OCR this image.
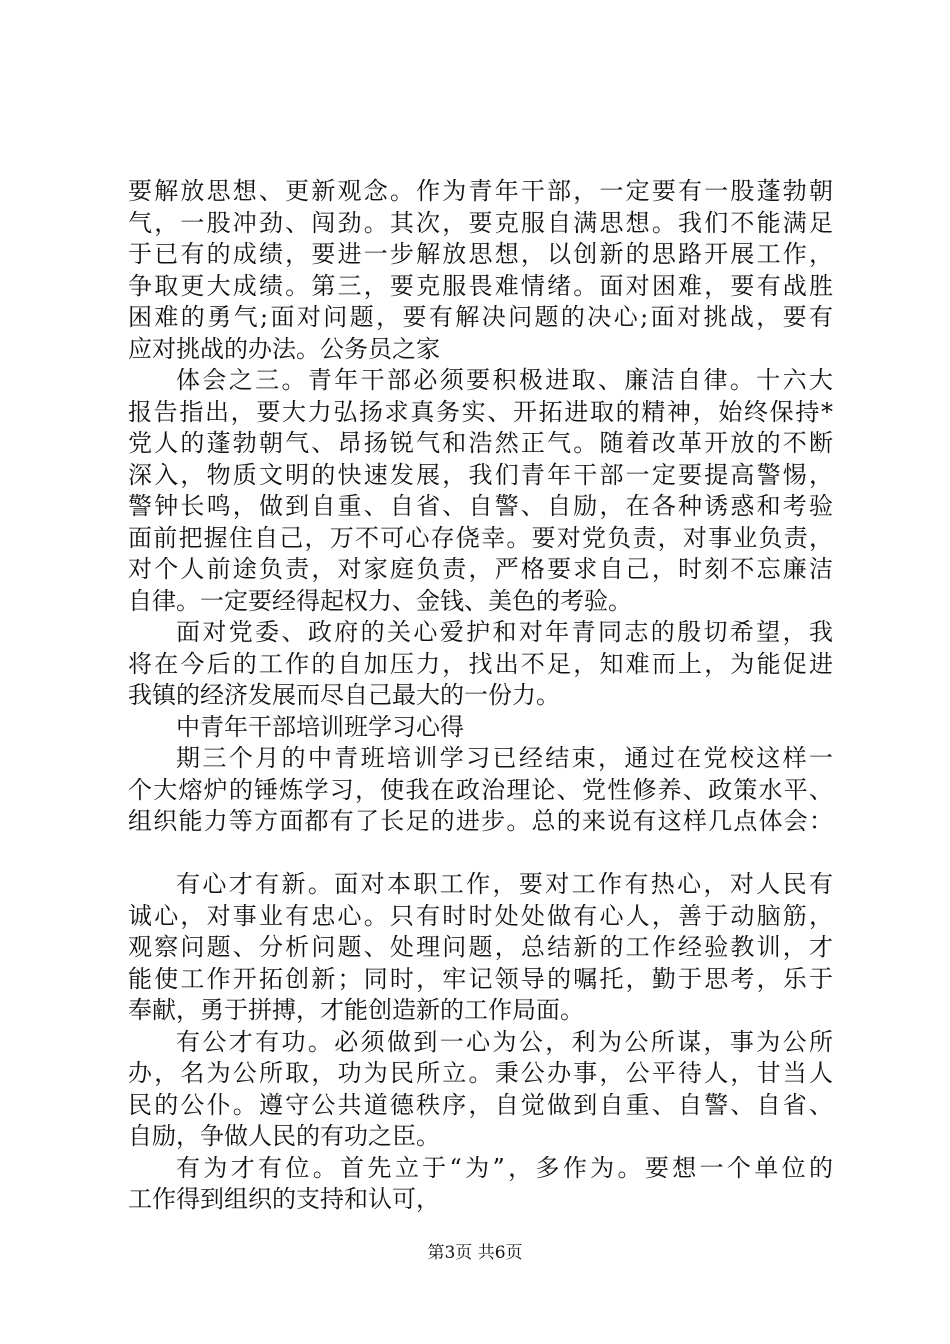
要解放思想、更新观念。作为青年干部，一定要有一股蓬勃朝
气，一股冲劲、闯劲。其次，要克服自满思想。我们不能满足
于已有的成绩，要进一步解放思想，以创新的思路开展工作，
争取更大成绩。第三，要克服畏难情绪。面对困难，要有战胜
困难的勇气;面对问题，要有解决问题的决心;面对挑战，要有
应对挑战的办法。公务员之家
体会之三。青年干部必须要积极进取、廉洁自律。十六大
报告指出，要大力弘扬求真务实、开拓进取的精神，始终保持*
党人的蓬勃朝气、昂扬锐气和浩然正气。随着改革开放的不断
深入，物质文明的快速发展，我们青年干部一定要提高警惕，
警钟长鸣，做到自重、自省、自警、自励，在各种诱惑和考验
面前把握住自己，万不可心存侥幸。要对党负责，对事业负责，
对个人前途负责，对家庭负责，严格要求自己，时刻不忘廉洁
自律。一定要经得起权力、金钱、美色的考验。
面对党委、政府的关心爱护和对年青同志的殷切希望，我
将在今后的工作的自加压力，找出不足，知难而上，为能促进
我镇的经济发展而尽自己最大的一份力。
中青年干部培训班学习心得
期三个月的中青班培训学习已经结束，通过在党校这样一
个大熔炉的锤炼学习，使我在政治理论、党性修养、政策水平、
组织能力等方面都有了长足的进步。总的来说有这样几点体会：
有心才有新。面对本职工作，要对工作有热心，对人民有
诚心，对事业有忠心。只有时时处处做有心人，善于动脑筋，
观察问题、分析问题、处理问题，总结新的工作经验教训，才
能使工作开拓创新；同时，牢记领导的嘱托，勤于思考，乐于
奉献，勇于拼搏，才能创造新的工作局面。
有公才有功。必须做到一心为公，利为公所谋，事为公所
办，名为公所取，功为民所立。秉公办事，公平待人，甘当人
民的公仆。遵守公共道德秩序，自觉做到自重、自警、自省、
自励，争做人民的有功之臣。
有为才有位。首先立于“为”，多作为。要想一个单位的
工作得到组织的支持和认可，
第3页 共6页
